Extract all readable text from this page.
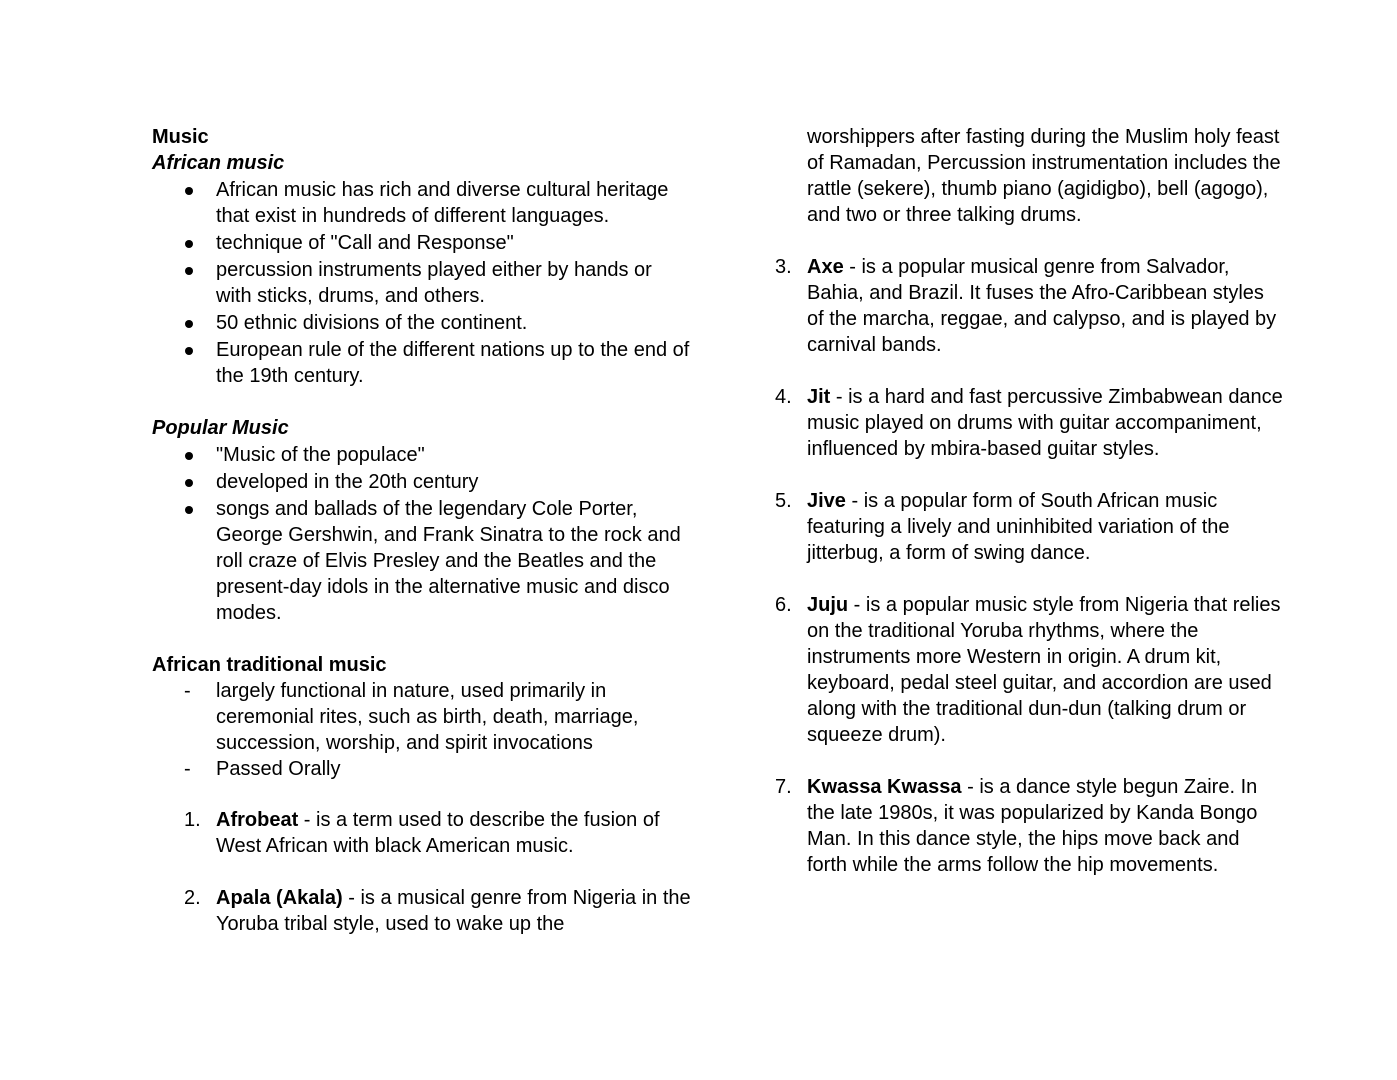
Music
African music
African music has rich and diverse cultural heritage that exist in hundreds of different languages.
technique of "Call and Response"
percussion instruments played either by hands or with sticks, drums, and others.
50 ethnic divisions of the continent.
European rule of the different nations up to the end of the 19th century.
Popular Music
"Music of the populace"
developed in the 20th century
songs and ballads of the legendary Cole Porter, George Gershwin, and Frank Sinatra to the rock and roll craze of Elvis Presley and the Beatles and the present-day idols in the alternative music and disco modes.
African traditional music
- largely functional in nature, used primarily in ceremonial rites, such as birth, death, marriage, succession, worship, and spirit invocations
- Passed Orally
1. Afrobeat - is a term used to describe the fusion of West African with black American music.
2. Apala (Akala) - is a musical genre from Nigeria in the Yoruba tribal style, used to wake up the
worshippers after fasting during the Muslim holy feast of Ramadan, Percussion instrumentation includes the rattle (sekere), thumb piano (agidigbo), bell (agogo), and two or three talking drums.
3. Axe - is a popular musical genre from Salvador, Bahia, and Brazil. It fuses the Afro-Caribbean styles of the marcha, reggae, and calypso, and is played by carnival bands.
4. Jit - is a hard and fast percussive Zimbabwean dance music played on drums with guitar accompaniment, influenced by mbira-based guitar styles.
5. Jive - is a popular form of South African music featuring a lively and uninhibited variation of the jitterbug, a form of swing dance.
6. Juju - is a popular music style from Nigeria that relies on the traditional Yoruba rhythms, where the instruments more Western in origin. A drum kit, keyboard, pedal steel guitar, and accordion are used along with the traditional dun-dun (talking drum or squeeze drum).
7. Kwassa Kwassa - is a dance style begun Zaire. In the late 1980s, it was popularized by Kanda Bongo Man. In this dance style, the hips move back and forth while the arms follow the hip movements.
